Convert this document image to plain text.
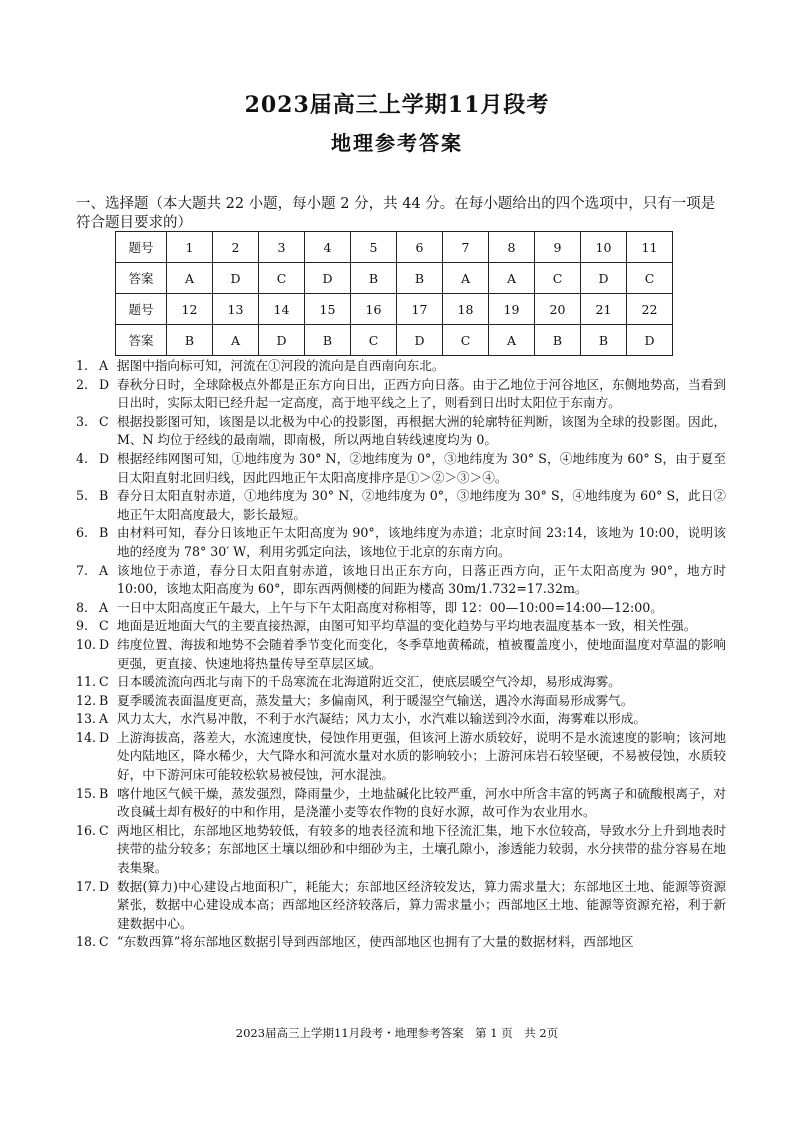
2023届高三上学期11月段考
地理参考答案
一、选择题（本大题共 22 小题，每小题 2 分，共 44 分。在每小题给出的四个选项中，只有一项是符合题目要求的）
题号	1	2	3	4	5	6	7	8	9	10	11
答案	A	D	C	D	B	B	A	A	C	D	C
题号	12	13	14	15	16	17	18	19	20	21	22
答案	B	A	D	B	C	D	C	A	B	B	D
1. A 据图中指向标可知，河流在①河段的流向是自西南向东北。
2. D 春秋分日时，全球除极点外都是正东方向日出，正西方向日落。由于乙地位于河谷地区，东侧地势高，当看到日出时，实际太阳已经升起一定高度，高于地平线之上了，则看到日出时太阳位于东南方。
3. C 根据投影图可知，该图是以北极为中心的投影图，再根据大洲的轮廓特征判断，该图为全球的投影图。因此，M、N 均位于经线的最南端，即南极，所以两地自转线速度均为 0。
4. D 根据经纬网图可知，①地纬度为 30° N，②地纬度为 0°，③地纬度为 30° S，④地纬度为 60° S，由于夏至日太阳直射北回归线，因此四地正午太阳高度排序是①＞②＞③＞④。
5. B 春分日太阳直射赤道，①地纬度为 30° N，②地纬度为 0°，③地纬度为 30° S，④地纬度为 60° S，此日②地正午太阳高度最大，影长最短。
6. B 由材料可知，春分日该地正午太阳高度为 90°，该地纬度为赤道；北京时间 23:14，该地为 10:00，说明该地的经度为 78° 30′ W，利用劣弧定向法，该地位于北京的东南方向。
7. A 该地位于赤道，春分日太阳直射赤道，该地日出正东方向，日落正西方向，正午太阳高度为 90°，地方时 10:00，该地太阳高度为 60°，即东西两侧楼的间距为楼高 30m/1.732=17.32m。
8. A 一日中太阳高度正午最大，上午与下午太阳高度对称相等，即 12：00—10:00=14:00—12:00。
9. C 地面是近地面大气的主要直接热源，由图可知平均草温的变化趋势与平均地表温度基本一致，相关性强。
10. D 纬度位置、海拔和地势不会随着季节变化而变化，冬季草地黄稀疏，植被覆盖度小，使地面温度对草温的影响更强，更直接、快速地将热量传导至草层区域。
11. C 日本暖流流向西北与南下的千岛寒流在北海道附近交汇，使底层暖空气冷却，易形成海雾。
12. B 夏季暖流表面温度更高，蒸发量大；多偏南风，利于暖湿空气输送，遇冷水海面易形成雾气。
13. A 风力太大，水汽易冲散，不利于水汽凝结；风力太小，水汽难以输送到冷水面，海雾难以形成。
14. D 上游海拔高，落差大，水流速度快，侵蚀作用更强，但该河上游水质较好，说明不是水流速度的影响；该河地处内陆地区，降水稀少，大气降水和河流水量对水质的影响较小；上游河床岩石较坚硬，不易被侵蚀，水质较好，中下游河床可能较松软易被侵蚀，河水混浊。
15. B 喀什地区气候干燥，蒸发强烈，降雨量少，土地盐碱化比较严重，河水中所含丰富的钙离子和硫酸根离子，对改良碱土却有极好的中和作用，是浇灌小麦等农作物的良好水源，故可作为农业用水。
16. C 两地区相比，东部地区地势较低，有较多的地表径流和地下径流汇集，地下水位较高，导致水分上升到地表时挟带的盐分较多；东部地区土壤以细砂和中细砂为主，土壤孔隙小，渗透能力较弱，水分挟带的盐分容易在地表集聚。
17. D 数据(算力)中心建设占地面积广，耗能大；东部地区经济较发达，算力需求量大；东部地区土地、能源等资源紧张，数据中心建设成本高；西部地区经济较落后，算力需求量小；西部地区土地、能源等资源充裕，利于新建数据中心。
18. C “东数西算”将东部地区数据引导到西部地区，使西部地区也拥有了大量的数据材料，西部地区
2023届高三上学期11月段考・地理参考答案　第 1 页　共 2页
